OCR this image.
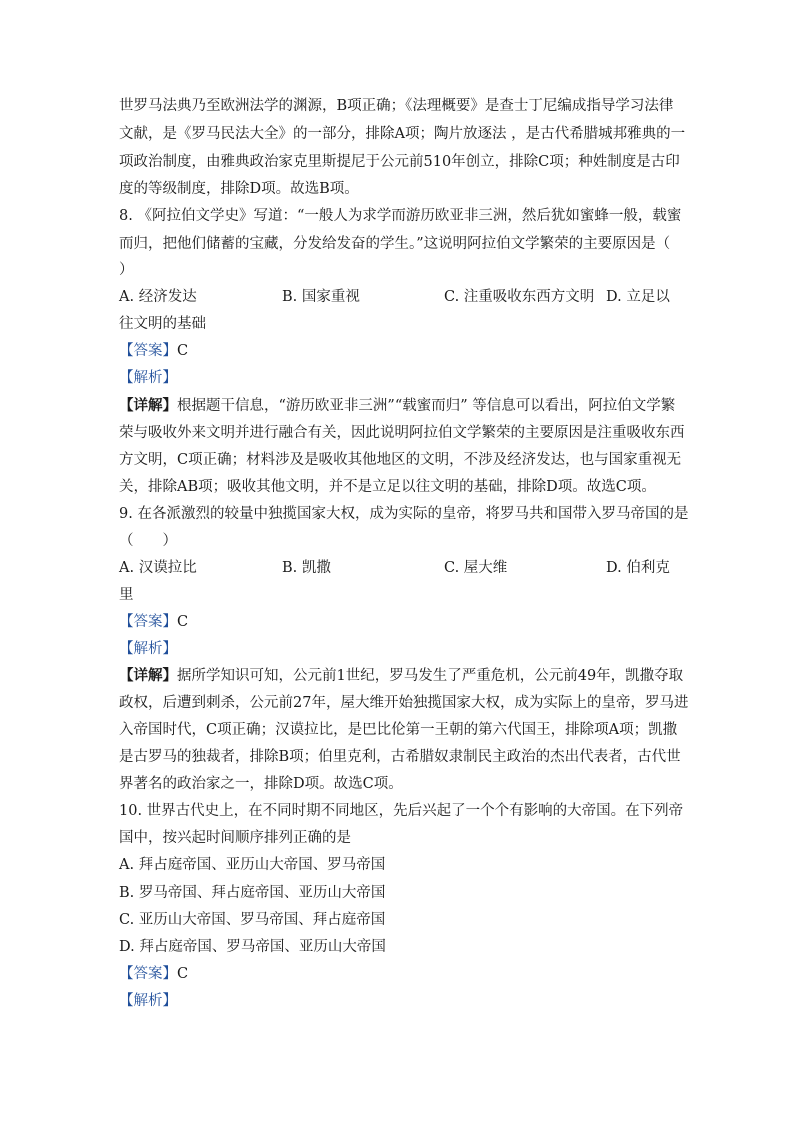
世罗马法典乃至欧洲法学的渊源，B项正确；《法理概要》是查士丁尼编成指导学习法律
文献，是《罗马民法大全》的一部分，排除A项；陶片放逐法 ，是古代希腊城邦雅典的一
项政治制度，由雅典政治家克里斯提尼于公元前510年创立，排除C项；种姓制度是古印
度的等级制度，排除D项。故选B项。
8. 《阿拉伯文学史》写道：“一般人为求学而游历欧亚非三洲，然后犹如蜜蜂一般，载蜜
而归，把他们储蓄的宝藏，分发给发奋的学生。”这说明阿拉伯文学繁荣的主要原因是（
）
A. 经济发达	B. 国家重视	C. 注重吸收东西方文明 D. 立足以
往文明的基础
【答案】C
【解析】
【详解】根据题干信息，“游历欧亚非三洲”“载蜜而归” 等信息可以看出，阿拉伯文学繁
荣与吸收外来文明并进行融合有关，因此说明阿拉伯文学繁荣的主要原因是注重吸收东西
方文明，C项正确；材料涉及是吸收其他地区的文明，不涉及经济发达，也与国家重视无
关，排除AB项；吸收其他文明，并不是立足以往文明的基础，排除D项。故选C项。
9. 在各派激烈的较量中独揽国家大权，成为实际的皇帝，将罗马共和国带入罗马帝国的是
（　　）
A. 汉谟拉比	B. 凯撒	C. 屋大维	D. 伯利克
里
【答案】C
【解析】
【详解】据所学知识可知，公元前1世纪，罗马发生了严重危机，公元前49年，凯撒夺取
政权，后遭到刺杀，公元前27年，屋大维开始独揽国家大权，成为实际上的皇帝，罗马进
入帝国时代，C项正确；汉谟拉比，是巴比伦第一王朝的第六代国王，排除项A项；凯撒
是古罗马的独裁者，排除B项；伯里克利，古希腊奴隶制民主政治的杰出代表者，古代世
界著名的政治家之一，排除D项。故选C项。
10. 世界古代史上，在不同时期不同地区，先后兴起了一个个有影响的大帝国。在下列帝
国中，按兴起时间顺序排列正确的是
A. 拜占庭帝国、亚历山大帝国、罗马帝国
B. 罗马帝国、拜占庭帝国、亚历山大帝国
C. 亚历山大帝国、罗马帝国、拜占庭帝国
D. 拜占庭帝国、罗马帝国、亚历山大帝国
【答案】C
【解析】
